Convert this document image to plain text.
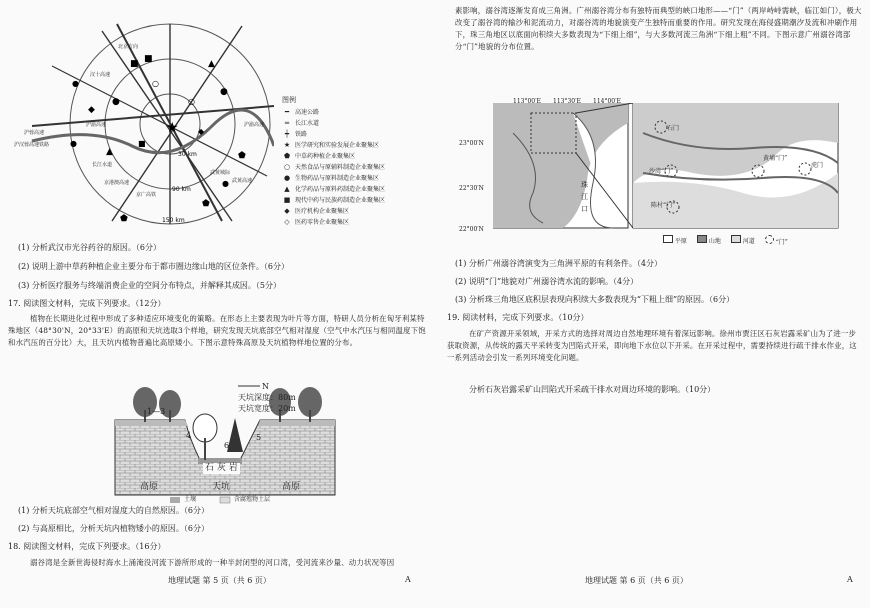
30 km
90 km
150 km
★
■ ■	▲
●
●
⬟
▲
⬟
⬟
◆
○
○
◆
■
●
●
●
图例
━ 高速公路
═ 长江水道
┿ 铁路
★ 医学研究和实验发展企业聚集区
⬟ 中草药种植企业聚集区
○ 天然食品与原辅料制造企业聚集区
● 生物药品与原料制造企业聚集区
▲ 化学药品与原料药制造企业聚集区
■ 现代中药与民族药制造企业聚集区
◆ 医疗机构企业聚集区
◇ 医药零售企业聚集区
北京方向
沪渝高速
沪汉蓉高速铁路
汉十高速
沪蓉高速
长江水道
京广高铁
沪渝高速
京港澳高速
武黄城际
武黄高速
(1) 分析武汉市光谷药谷的原因。（6分）
(2) 说明上游中草药种植企业主要分布于都市圈边缘山地的区位条件。（6分）
(3) 分析医疗服务与终端消费企业的空间分布特点，并解释其成因。（5分）
17. 阅读图文材料，完成下列要求。（12分）
植物在长期进化过程中形成了多种适应环境变化的策略。在形态上主要表现为叶片等方面，特研人员分析在匈牙利某特殊地区（48°30'N，20°33'E）的高原和天坑选取3个样地，研究发现天坑底部空气相对湿度（空气中水汽压与相同温度下饱和水汽压的百分比）大，且天坑内植物普遍比高原矮小。下图示意特殊高原及天坑植物样地位置的分布。
N
天坑深度：80m
天坑宽度：20m
1—3
4	5
6
石 灰 岩
高原	天坑	高原
土壤	含腐殖物土层
(1) 分析天坑底部空气相对湿度大的自然原因。（6分）
(2) 与高原相比，分析天坑内植物矮小的原因。（6分）
18. 阅读图文材料，完成下列要求。（16分）
溺谷湾是全新世海侵时海水上涌淹没河流下游所形成的一种半封闭型的河口湾，受河流来沙量、动力状况等因
地理试题 第 5 页（共 6 页）	A
素影响，溺谷湾逐渐发育成三角洲。广州溺谷湾分布有独特而典型的峡口地形——“门”（两岸峙峙需峡，临江如门），极大改变了溺谷湾的输沙和泥流动力，对溺谷湾的地貌演变产生独特而重要的作用。研究发现在海侵盛期潮汐及流和冲刷作用下，珠三角地区以底面向积续大多数表现为“下细上细”，与大多数河流三角洲“下细上粗”不同。下图示意广州溺谷湾部分“门”地貌的分布位置。
113°00′E 113°30′E 114°00′E
23°00′N
22°30′N
22°00′N
珠
江
口
石门
虎门
沙湾“门”
黄埔“门”
陈村“门”
平原	山地	河道	“门”
(1) 分析广州溺谷湾演变为三角洲平原的有利条件。（4分）
(2) 说明“门”地貌对广州溺谷湾水流的影响。（4分）
(3) 分析珠三角地区底积层表现向积续大多数表现为“下粗上细”的原因。（6分）
19. 阅读材料，完成下列要求。（10分）
在矿产资源开采领域，开采方式的选择对周边自然地理环境有着深远影响。徐州市贾汪区石灰岩露采矿山为了进一步获取资源，从传统的露天平采转变为凹陷式开采，即向地下水位以下开采。在开采过程中，需要持续进行疏干排水作业，这一系列活动会引发一系列环境变化问题。
分析石灰岩露采矿山凹陷式开采疏干排水对周边环境的影响。（10分）
地理试题 第 6 页（共 6 页）	A
